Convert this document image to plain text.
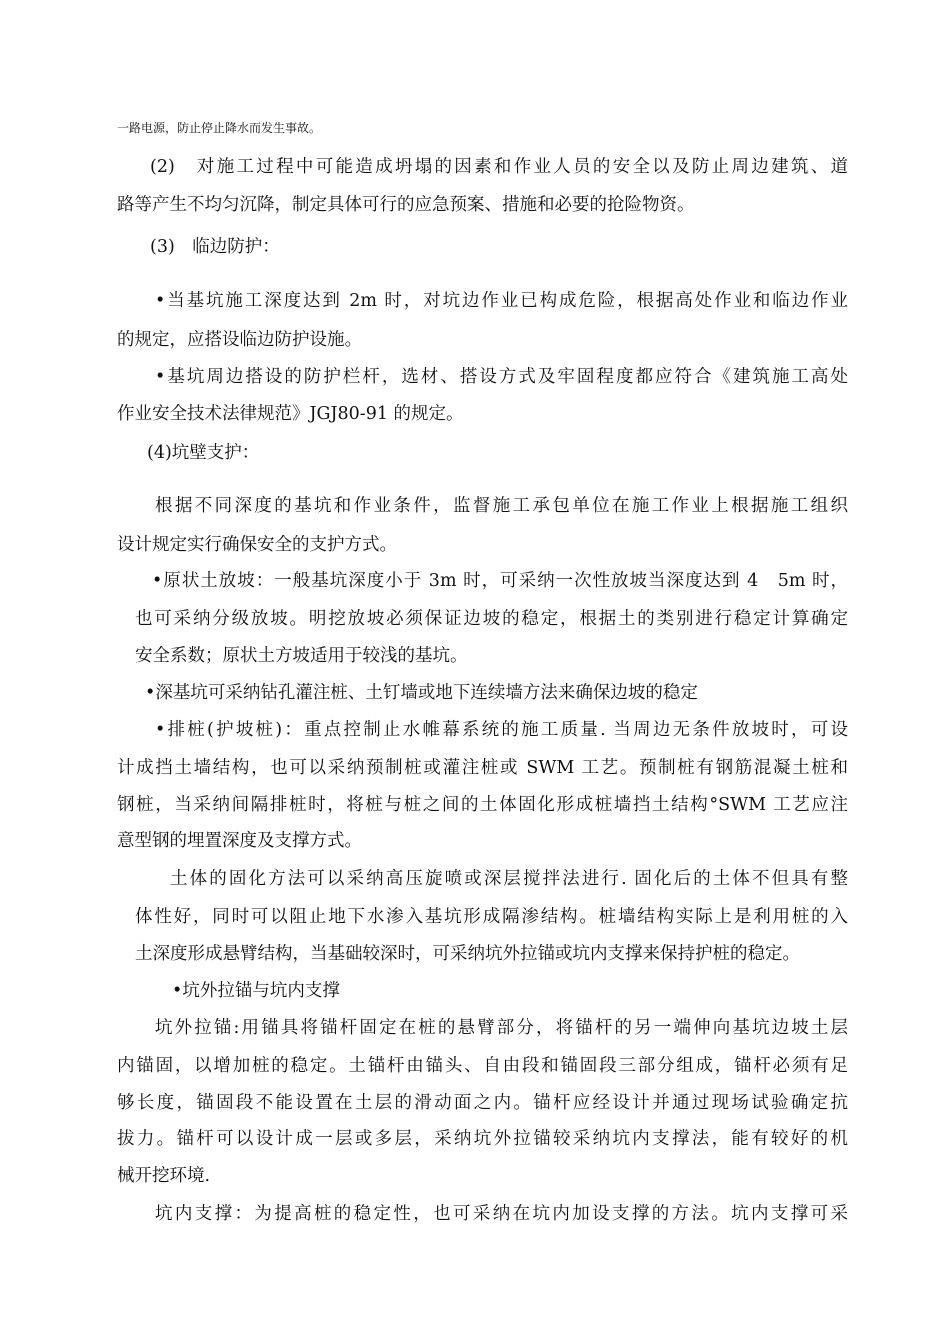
一路电源，防止停止降水而发生事故。
(2)　对施工过程中可能造成坍塌的因素和作业人员的安全以及防止周边建筑、道
路等产生不均匀沉降，制定具体可行的应急预案、措施和必要的抢险物资。
(3)　临边防护：
•当基坑施工深度达到 2m 时，对坑边作业已构成危险，根据高处作业和临边作业
的规定，应搭设临边防护设施。
•基坑周边搭设的防护栏杆，选材、搭设方式及牢固程度都应符合《建筑施工高处
作业安全技术法律规范》JGJ80-91 的规定。
(4)坑壁支护：
根据不同深度的基坑和作业条件，监督施工承包单位在施工作业上根据施工组织
设计规定实行确保安全的支护方式。
•原状土放坡：一般基坑深度小于 3m 时，可采纳一次性放坡当深度达到 4　5m 时，
也可采纳分级放坡。明挖放坡必须保证边坡的稳定，根据土的类别进行稳定计算确定
安全系数；原状土方坡适用于较浅的基坑。
•深基坑可采纳钻孔灌注桩、土钉墙或地下连续墙方法来确保边坡的稳定
•排桩(护坡桩)：重点控制止水帷幕系统的施工质量. 当周边无条件放坡时，可设
计成挡土墙结构，也可以采纳预制桩或灌注桩或 SWM 工艺。预制桩有钢筋混凝土桩和
钢桩，当采纳间隔排桩时，将桩与桩之间的土体固化形成桩墙挡土结构°SWM 工艺应注
意型钢的埋置深度及支撑方式。
土体的固化方法可以采纳高压旋喷或深层搅拌法进行. 固化后的土体不但具有整
体性好，同时可以阻止地下水渗入基坑形成隔渗结构。桩墙结构实际上是利用桩的入
土深度形成悬臂结构，当基础较深时，可采纳坑外拉锚或坑内支撑来保持护桩的稳定。
•坑外拉锚与坑内支撑
坑外拉锚:用锚具将锚杆固定在桩的悬臂部分，将锚杆的另一端伸向基坑边坡土层
内锚固，以增加桩的稳定。土锚杆由锚头、自由段和锚固段三部分组成，锚杆必须有足
够长度，锚固段不能设置在土层的滑动面之内。锚杆应经设计并通过现场试验确定抗
拔力。锚杆可以设计成一层或多层，采纳坑外拉锚较采纳坑内支撑法，能有较好的机
械开挖环境.
坑内支撑：为提高桩的稳定性，也可采纳在坑内加设支撑的方法。坑内支撑可采
